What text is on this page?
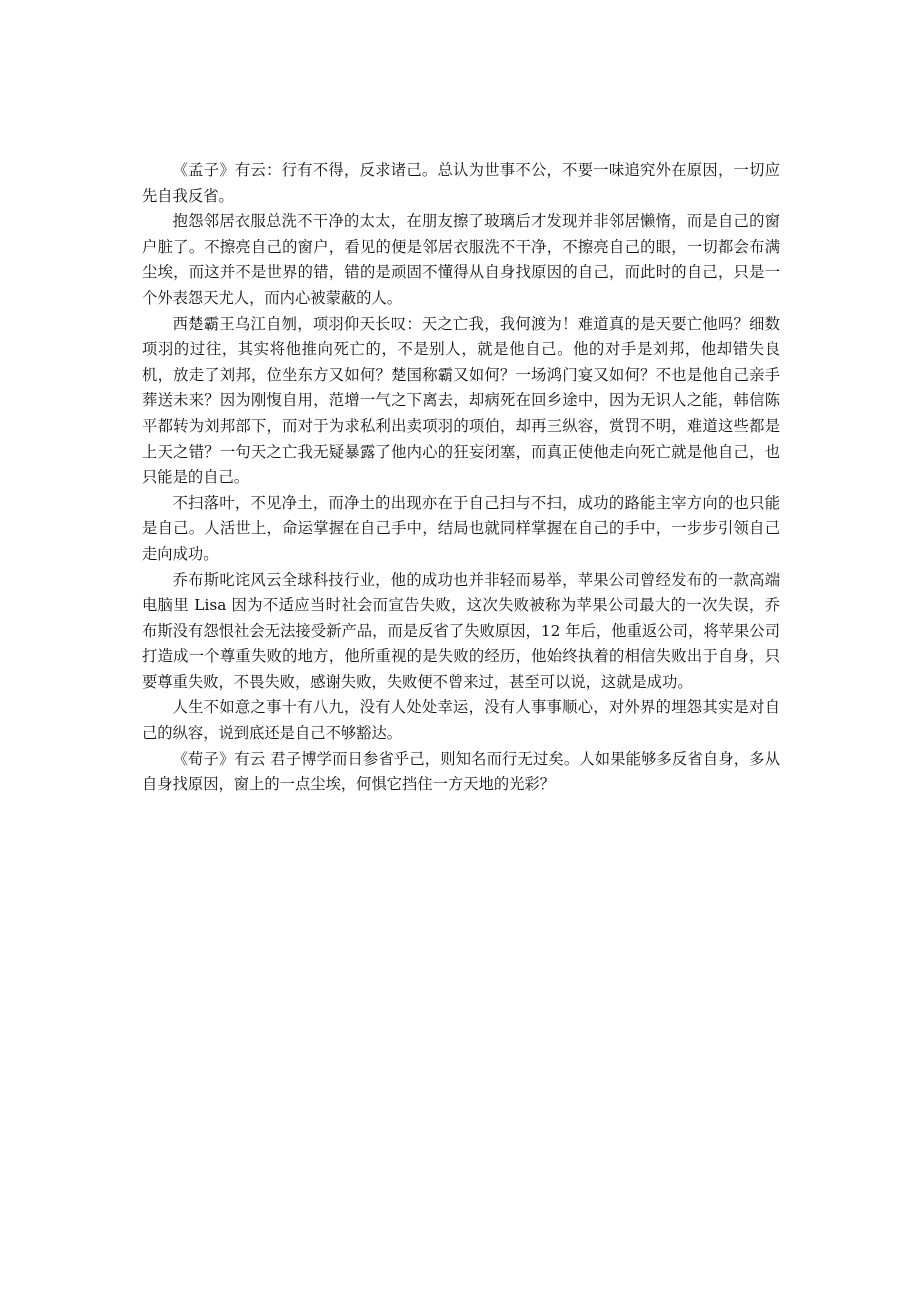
《孟子》有云：行有不得，反求诸己。总认为世事不公，不要一味追究外在原因，一切应先自我反省。

抱怨邻居衣服总洗不干净的太太，在朋友擦了玻璃后才发现并非邻居懒惰，而是自己的窗户脏了。不擦亮自己的窗户，看见的便是邻居衣服洗不干净，不擦亮自己的眼，一切都会布满尘埃，而这并不是世界的错，错的是顽固不懂得从自身找原因的自己，而此时的自己，只是一个外表怨天尤人，而内心被蒙蔽的人。

西楚霸王乌江自刎，项羽仰天长叹：天之亡我，我何渡为！难道真的是天要亡他吗？细数项羽的过往，其实将他推向死亡的，不是别人，就是他自己。他的对手是刘邦，他却错失良机，放走了刘邦，位坐东方又如何？楚国称霸又如何？一场鸿门宴又如何？不也是他自己亲手葬送未来？因为刚愎自用，范增一气之下离去，却病死在回乡途中，因为无识人之能，韩信陈平都转为刘邦部下，而对于为求私利出卖项羽的项伯，却再三纵容，赏罚不明，难道这些都是上天之错？一句天之亡我无疑暴露了他内心的狂妄闭塞，而真正使他走向死亡就是他自己，也只能是的自己。

不扫落叶，不见净土，而净土的出现亦在于自己扫与不扫，成功的路能主宰方向的也只能是自己。人活世上，命运掌握在自己手中，结局也就同样掌握在自己的手中，一步步引领自己走向成功。

乔布斯叱诧风云全球科技行业，他的成功也并非轻而易举，苹果公司曾经发布的一款高端电脑里 Lisa 因为不适应当时社会而宣告失败，这次失败被称为苹果公司最大的一次失误，乔布斯没有怨恨社会无法接受新产品，而是反省了失败原因，12 年后，他重返公司，将苹果公司打造成一个尊重失败的地方，他所重视的是失败的经历，他始终执着的相信失败出于自身，只要尊重失败，不畏失败，感谢失败，失败便不曾来过，甚至可以说，这就是成功。

人生不如意之事十有八九，没有人处处幸运，没有人事事顺心，对外界的埋怨其实是对自己的纵容，说到底还是自己不够豁达。

《荀子》有云 君子博学而日参省乎己，则知名而行无过矣。人如果能够多反省自身，多从自身找原因，窗上的一点尘埃，何惧它挡住一方天地的光彩？
